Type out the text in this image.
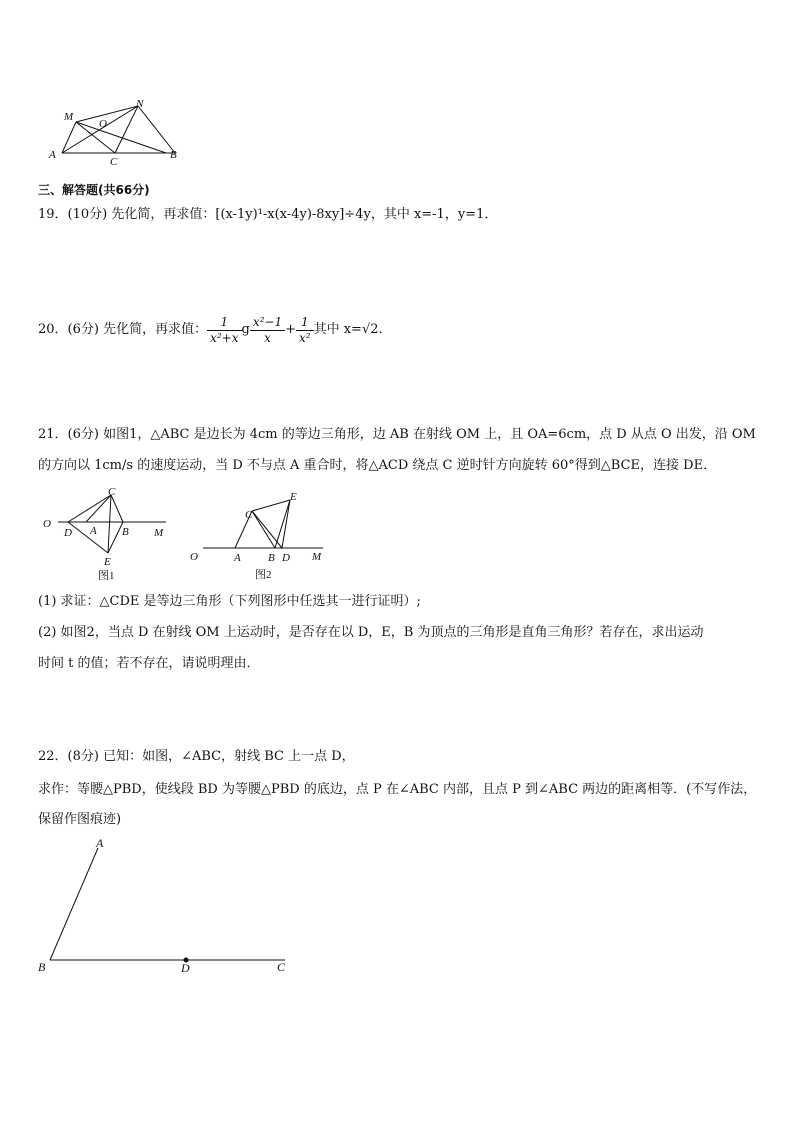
M
N
O
A
C
B
三、解答题(共66分)
19．(10分) 先化简，再求值：[(x-1y)¹-x(x-4y)-8xy]÷4y，其中 x=-1，y=1．
20．(6分) 先化简，再求值： $\frac{1}{\text{x²+x}}$ g $\frac{\text{x²−1}}{x} + \frac{1}{\text{x²}}$ 其中 x= √2 ．
21．(6分) 如图1，△ABC 是边长为 4cm 的等边三角形，边 AB 在射线 OM 上，且 OA=6cm，点 D 从点 O 出发，沿 OM
的方向以 1cm/s 的速度运动，当 D 不与点 A 重合时，将△ACD 绕点 C 逆时针方向旋转 60°得到△BCE，连接 DE．
O
D A B M
C
E
图1
O	A B D M
C
E
图2
(1) 求证：△CDE 是等边三角形（下列图形中任选其一进行证明）;
(2) 如图2，当点 D 在射线 OM 上运动时，是否存在以 D，E，B 为顶点的三角形是直角三角形？若存在，求出运动
时间 t 的值；若不存在，请说明理由．
22．(8分) 已知：如图，∠ABC，射线 BC 上一点 D，
求作：等腰△PBD，使线段 BD 为等腰△PBD 的底边，点 P 在∠ABC 内部，且点 P 到∠ABC 两边的距离相等．(不写作法，
保留作图痕迹)
A
B	D	C
